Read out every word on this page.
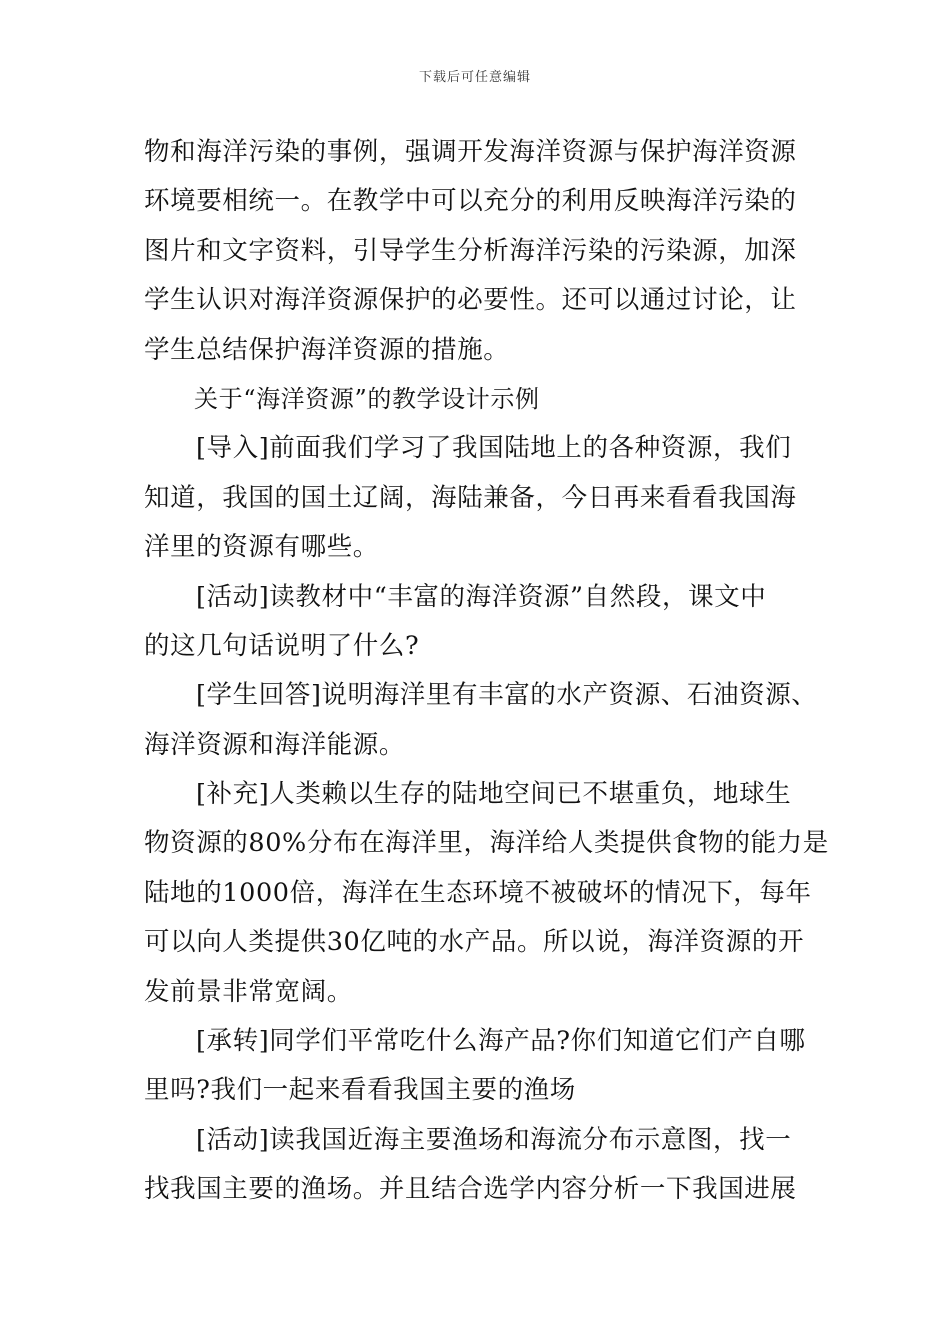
下载后可任意编辑
物和海洋污染的事例，强调开发海洋资源与保护海洋资源
环境要相统一。在教学中可以充分的利用反映海洋污染的
图片和文字资料，引导学生分析海洋污染的污染源，加深
学生认识对海洋资源保护的必要性。还可以通过讨论，让
学生总结保护海洋资源的措施。
关于“海洋资源”的教学设计示例
[导入]前面我们学习了我国陆地上的各种资源，我们
知道，我国的国土辽阔，海陆兼备，今日再来看看我国海
洋里的资源有哪些。
[活动]读教材中“丰富的海洋资源”自然段，课文中
的这几句话说明了什么?
[学生回答]说明海洋里有丰富的水产资源、石油资源、
海洋资源和海洋能源。
[补充]人类赖以生存的陆地空间已不堪重负，地球生
物资源的80%分布在海洋里，海洋给人类提供食物的能力是
陆地的1000倍，海洋在生态环境不被破坏的情况下，每年
可以向人类提供30亿吨的水产品。所以说，海洋资源的开
发前景非常宽阔。
[承转]同学们平常吃什么海产品?你们知道它们产自哪
里吗?我们一起来看看我国主要的渔场
[活动]读我国近海主要渔场和海流分布示意图，找一
找我国主要的渔场。并且结合选学内容分析一下我国进展
